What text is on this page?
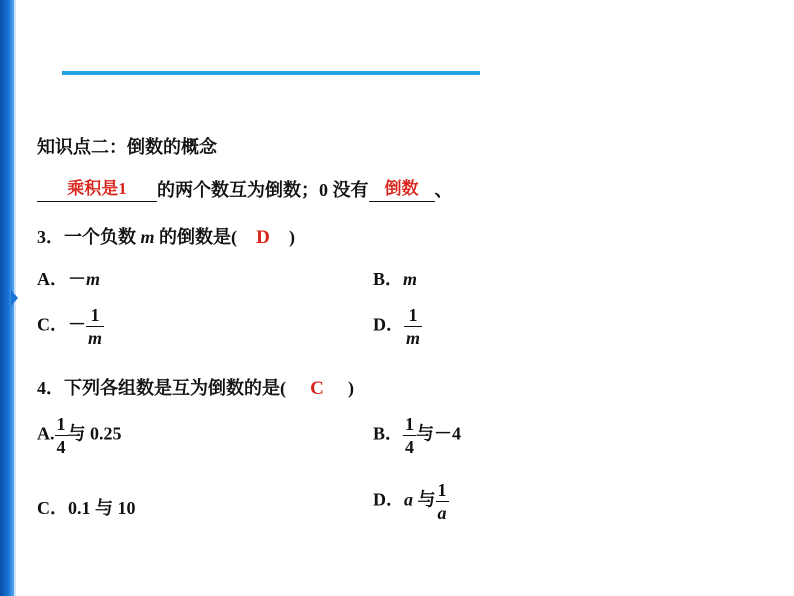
知识点二：倒数的概念
乘积是1	的两个数互为倒数；0 没有 倒数 、
3．一个负数 m 的倒数是( D )
A．－m	B．m
C．－ $\frac{1}{m}$	D． $\frac{1}{m}$
4．下列各组数是互为倒数的是( C )
A. $\frac{1}{4}$ 与 0.25	B． $\frac{1}{4}$ 与－4
C．0.1 与 10	D．a 与 $\frac{1}{a}$
